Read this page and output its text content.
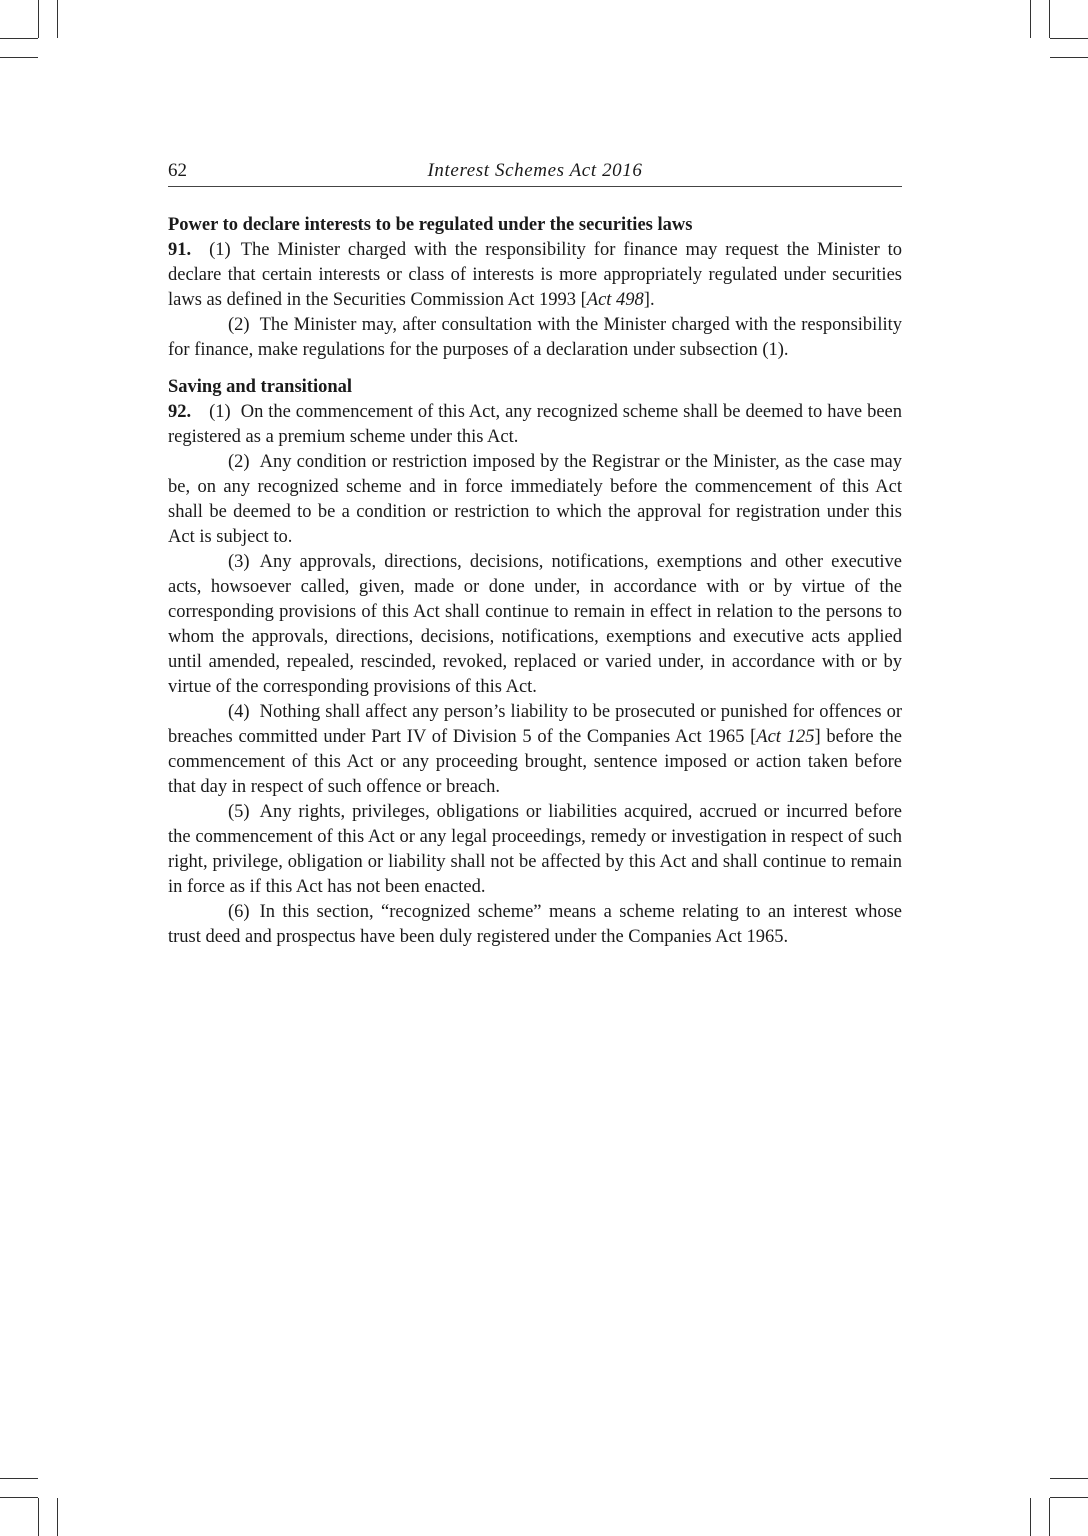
62	Interest Schemes Act 2016

Power to declare interests to be regulated under the securities laws

91. (1) The Minister charged with the responsibility for finance may request the Minister to declare that certain interests or class of interests is more appropriately regulated under securities laws as defined in the Securities Commission Act 1993 [Act 498].

(2) The Minister may, after consultation with the Minister charged with the responsibility for finance, make regulations for the purposes of a declaration under subsection (1).

Saving and transitional

92. (1) On the commencement of this Act, any recognized scheme shall be deemed to have been registered as a premium scheme under this Act.

(2) Any condition or restriction imposed by the Registrar or the Minister, as the case may be, on any recognized scheme and in force immediately before the commencement of this Act shall be deemed to be a condition or restriction to which the approval for registration under this Act is subject to.

(3) Any approvals, directions, decisions, notifications, exemptions and other executive acts, howsoever called, given, made or done under, in accordance with or by virtue of the corresponding provisions of this Act shall continue to remain in effect in relation to the persons to whom the approvals, directions, decisions, notifications, exemptions and executive acts applied until amended, repealed, rescinded, revoked, replaced or varied under, in accordance with or by virtue of the corresponding provisions of this Act.

(4) Nothing shall affect any person’s liability to be prosecuted or punished for offences or breaches committed under Part IV of Division 5 of the Companies Act 1965 [Act 125] before the commencement of this Act or any proceeding brought, sentence imposed or action taken before that day in respect of such offence or breach.

(5) Any rights, privileges, obligations or liabilities acquired, accrued or incurred before the commencement of this Act or any legal proceedings, remedy or investigation in respect of such right, privilege, obligation or liability shall not be affected by this Act and shall continue to remain in force as if this Act has not been enacted.

(6) In this section, “recognized scheme” means a scheme relating to an interest whose trust deed and prospectus have been duly registered under the Companies Act 1965.
